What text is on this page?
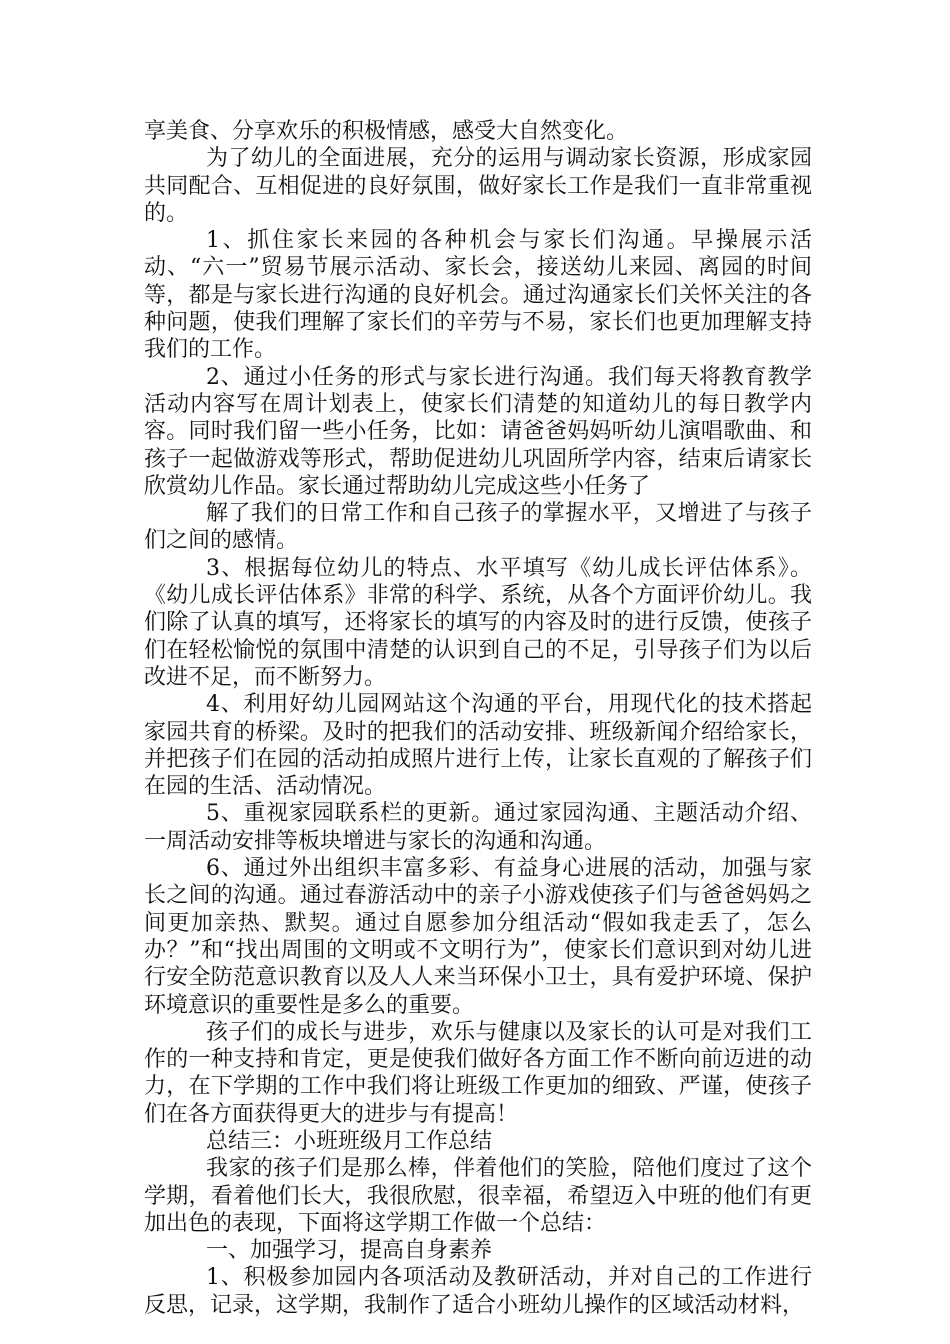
享美食、分享欢乐的积极情感，感受大自然变化。

为了幼儿的全面进展，充分的运用与调动家长资源，形成家园共同配合、互相促进的良好氛围，做好家长工作是我们一直非常重视的。

1、抓住家长来园的各种机会与家长们沟通。早操展示活动、“六一”贸易节展示活动、家长会，接送幼儿来园、离园的时间等，都是与家长进行沟通的良好机会。通过沟通家长们关怀关注的各种问题，使我们理解了家长们的辛劳与不易，家长们也更加理解支持我们的工作。

2、通过小任务的形式与家长进行沟通。我们每天将教育教学活动内容写在周计划表上，使家长们清楚的知道幼儿的每日教学内容。同时我们留一些小任务，比如：请爸爸妈妈听幼儿演唱歌曲、和孩子一起做游戏等形式，帮助促进幼儿巩固所学内容，结束后请家长欣赏幼儿作品。家长通过帮助幼儿完成这些小任务了

解了我们的日常工作和自己孩子的掌握水平，又增进了与孩子们之间的感情。

3、根据每位幼儿的特点、水平填写《幼儿成长评估体系》。《幼儿成长评估体系》非常的科学、系统，从各个方面评价幼儿。我们除了认真的填写，还将家长的填写的内容及时的进行反馈，使孩子们在轻松愉悦的氛围中清楚的认识到自己的不足，引导孩子们为以后改进不足，而不断努力。

4、利用好幼儿园网站这个沟通的平台，用现代化的技术搭起家园共育的桥梁。及时的把我们的活动安排、班级新闻介绍给家长，并把孩子们在园的活动拍成照片进行上传，让家长直观的了解孩子们在园的生活、活动情况。

5、重视家园联系栏的更新。通过家园沟通、主题活动介绍、一周活动安排等板块增进与家长的沟通和沟通。

6、通过外出组织丰富多彩、有益身心进展的活动，加强与家长之间的沟通。通过春游活动中的亲子小游戏使孩子们与爸爸妈妈之间更加亲热、默契。通过自愿参加分组活动“假如我走丢了，怎么办？”和“找出周围的文明或不文明行为”，使家长们意识到对幼儿进行安全防范意识教育以及人人来当环保小卫士，具有爱护环境、保护环境意识的重要性是多么的重要。

孩子们的成长与进步，欢乐与健康以及家长的认可是对我们工作的一种支持和肯定，更是使我们做好各方面工作不断向前迈进的动力，在下学期的工作中我们将让班级工作更加的细致、严谨，使孩子们在各方面获得更大的进步与有提高！

总结三：小班班级月工作总结

我家的孩子们是那么棒，伴着他们的笑脸，陪他们度过了这个学期，看着他们长大，我很欣慰，很幸福，希望迈入中班的他们有更加出色的表现，下面将这学期工作做一个总结：

一、加强学习，提高自身素养

1、积极参加园内各项活动及教研活动，并对自己的工作进行反思，记录，这学期，我制作了适合小班幼儿操作的区域活动材料，
